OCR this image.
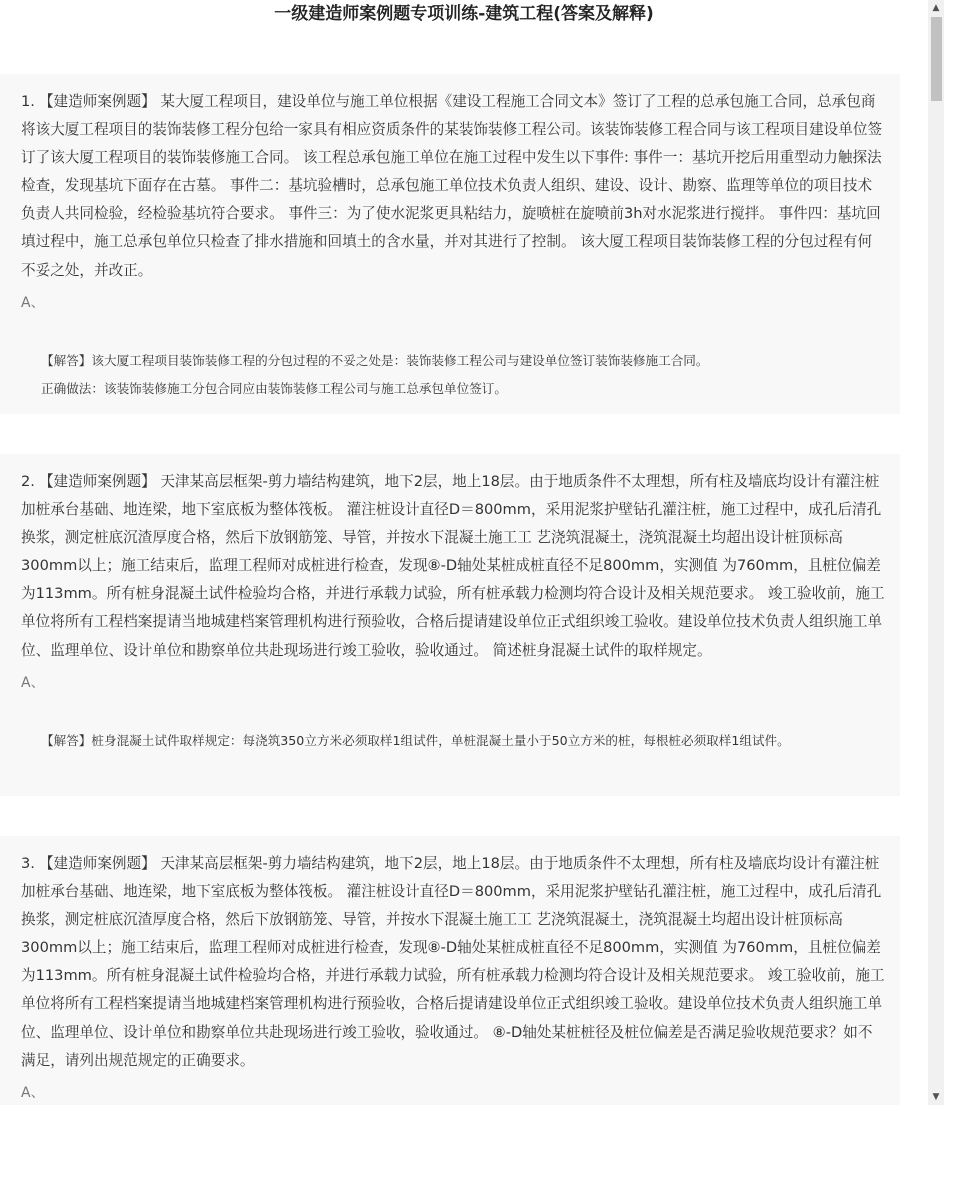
一级建造师案例题专项训练-建筑工程(答案及解释)

1. 【建造师案例题】 某大厦工程项目，建设单位与施工单位根据《建设工程施工合同文本》签订了工程的总承包施工合同，总承包商将该大厦工程项目的装饰装修工程分包给一家具有相应资质条件的某装饰装修工程公司。该装饰装修工程合同与该工程项目建设单位签订了该大厦工程项目的装饰装修施工合同。 该工程总承包施工单位在施工过程中发生以下事件: 事件一：基坑开挖后用重型动力触探法检查，发现基坑下面存在古墓。 事件二：基坑验槽时，总承包施工单位技术负责人组织、建设、设计、勘察、监理等单位的项目技术负责人共同检验，经检验基坑符合要求。 事件三：为了使水泥浆更具粘结力，旋喷桩在旋喷前3h对水泥浆进行搅拌。 事件四：基坑回填过程中，施工总承包单位只检查了排水措施和回填土的含水量，并对其进行了控制。 该大厦工程项目装饰装修工程的分包过程有何不妥之处，并改正。

A、

【解答】该大厦工程项目装饰装修工程的分包过程的不妥之处是：装饰装修工程公司与建设单位签订装饰装修施工合同。

正确做法：该装饰装修施工分包合同应由装饰装修工程公司与施工总承包单位签订。

2. 【建造师案例题】 天津某高层框架-剪力墙结构建筑，地下2层，地上18层。由于地质条件不太理想，所有柱及墙底均设计有灌注桩加桩承台基础、地连梁，地下室底板为整体筏板。 灌注桩设计直径D＝800mm，采用泥浆护壁钻孔灌注桩，施工过程中，成孔后清孔换浆，测定桩底沉渣厚度合格，然后下放钢筋笼、导管，并按水下混凝土施工工 艺浇筑混凝土，浇筑混凝土均超出设计桩顶标高300mm以上；施工结束后，监理工程师对成桩进行检查，发现⑧-D轴处某桩成桩直径不足800mm，实测值 为760mm，且桩位偏差为113mm。所有桩身混凝土试件检验均合格，并进行承载力试验，所有桩承载力检测均符合设计及相关规范要求。 竣工验收前，施工单位将所有工程档案提请当地城建档案管理机构进行预验收，合格后提请建设单位正式组织竣工验收。建设单位技术负责人组织施工单位、监理单位、设计单位和勘察单位共赴现场进行竣工验收，验收通过。 简述桩身混凝土试件的取样规定。

A、

【解答】桩身混凝土试件取样规定：每浇筑350立方米必须取样1组试件，单桩混凝土量小于50立方米的桩，每根桩必须取样1组试件。

3. 【建造师案例题】 天津某高层框架-剪力墙结构建筑，地下2层，地上18层。由于地质条件不太理想，所有柱及墙底均设计有灌注桩加桩承台基础、地连梁，地下室底板为整体筏板。 灌注桩设计直径D＝800mm，采用泥浆护壁钻孔灌注桩，施工过程中，成孔后清孔换浆，测定桩底沉渣厚度合格，然后下放钢筋笼、导管，并按水下混凝土施工工 艺浇筑混凝土，浇筑混凝土均超出设计桩顶标高300mm以上；施工结束后，监理工程师对成桩进行检查，发现⑧-D轴处某桩成桩直径不足800mm，实测值 为760mm，且桩位偏差为113mm。所有桩身混凝土试件检验均合格，并进行承载力试验，所有桩承载力检测均符合设计及相关规范要求。 竣工验收前，施工单位将所有工程档案提请当地城建档案管理机构进行预验收，合格后提请建设单位正式组织竣工验收。建设单位技术负责人组织施工单位、监理单位、设计单位和勘察单位共赴现场进行竣工验收，验收通过。 ⑧-D轴处某桩桩径及桩位偏差是否满足验收规范要求？如不满足，请列出规范规定的正确要求。

A、
▲
▼
